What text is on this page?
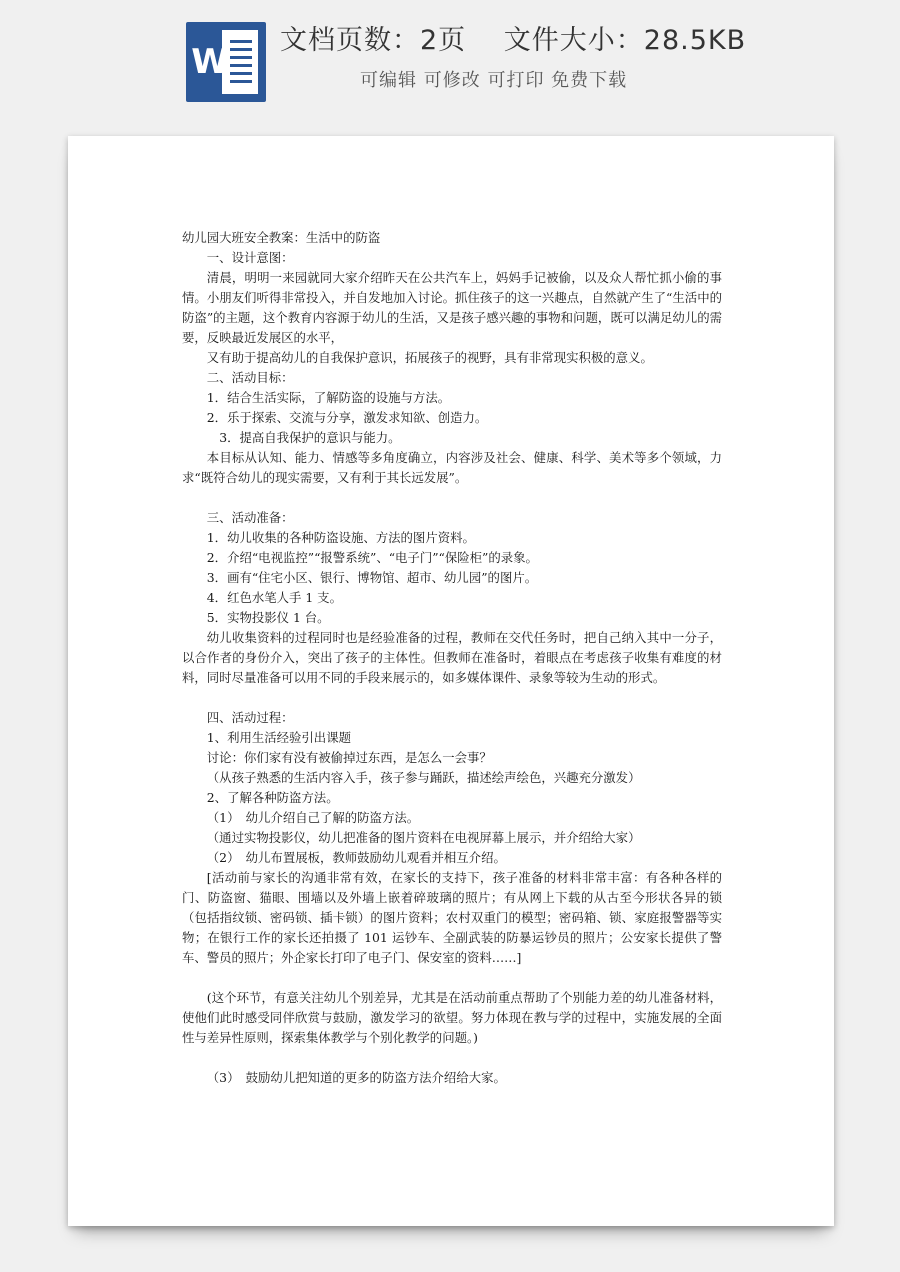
W
文档页数：2页　 文件大小：28.5KB
可编辑 可修改 可打印 免费下载

幼儿园大班安全教案：生活中的防盗

一、设计意图：

清晨，明明一来园就同大家介绍昨天在公共汽车上，妈妈手记被偷，以及众人帮忙抓小偷的事情。小朋友们听得非常投入，并自发地加入讨论。抓住孩子的这一兴趣点，自然就产生了“生活中的防盗”的主题，这个教育内容源于幼儿的生活，又是孩子感兴趣的事物和问题，既可以满足幼儿的需要，反映最近发展区的水平，

又有助于提高幼儿的自我保护意识，拓展孩子的视野，具有非常现实积极的意义。

二、活动目标：

1．结合生活实际，了解防盗的设施与方法。

2．乐于探索、交流与分享，激发求知欲、创造力。

3．提高自我保护的意识与能力。

本目标从认知、能力、情感等多角度确立，内容涉及社会、健康、科学、美术等多个领域，力求“既符合幼儿的现实需要，又有利于其长远发展”。

三、活动准备：

1．幼儿收集的各种防盗设施、方法的图片资料。

2．介绍“电视监控”“报警系统”、“电子门”“保险柜”的录象。

3．画有“住宅小区、银行、博物馆、超市、幼儿园”的图片。

4．红色水笔人手 1 支。

5．实物投影仪 1 台。

幼儿收集资料的过程同时也是经验准备的过程，教师在交代任务时，把自己纳入其中一分子，以合作者的身份介入，突出了孩子的主体性。但教师在准备时，着眼点在考虑孩子收集有难度的材料，同时尽量准备可以用不同的手段来展示的，如多媒体课件、录象等较为生动的形式。

四、活动过程：

1、利用生活经验引出课题

讨论：你们家有没有被偷掉过东西，是怎么一会事？

（从孩子熟悉的生活内容入手，孩子参与踊跃，描述绘声绘色，兴趣充分激发）

2、了解各种防盗方法。

（1）　幼儿介绍自己了解的防盗方法。

（通过实物投影仪，幼儿把准备的图片资料在电视屏幕上展示，并介绍给大家）

（2）　幼儿布置展板，教师鼓励幼儿观看并相互介绍。

[活动前与家长的沟通非常有效，在家长的支持下，孩子准备的材料非常丰富：有各种各样的门、防盗窗、猫眼、围墙以及外墙上嵌着碎玻璃的照片；有从网上下载的从古至今形状各异的锁（包括指纹锁、密码锁、插卡锁）的图片资料；农村双重门的模型；密码箱、锁、家庭报警器等实物；在银行工作的家长还拍摄了 101 运钞车、全副武装的防暴运钞员的照片；公安家长提供了警车、警员的照片；外企家长打印了电子门、保安室的资料……]

(这个环节，有意关注幼儿个别差异，尤其是在活动前重点帮助了个别能力差的幼儿准备材料，使他们此时感受同伴欣赏与鼓励，激发学习的欲望。努力体现在教与学的过程中，实施发展的全面性与差异性原则，探索集体教学与个别化教学的问题。)

（3）　鼓励幼儿把知道的更多的防盗方法介绍给大家。
